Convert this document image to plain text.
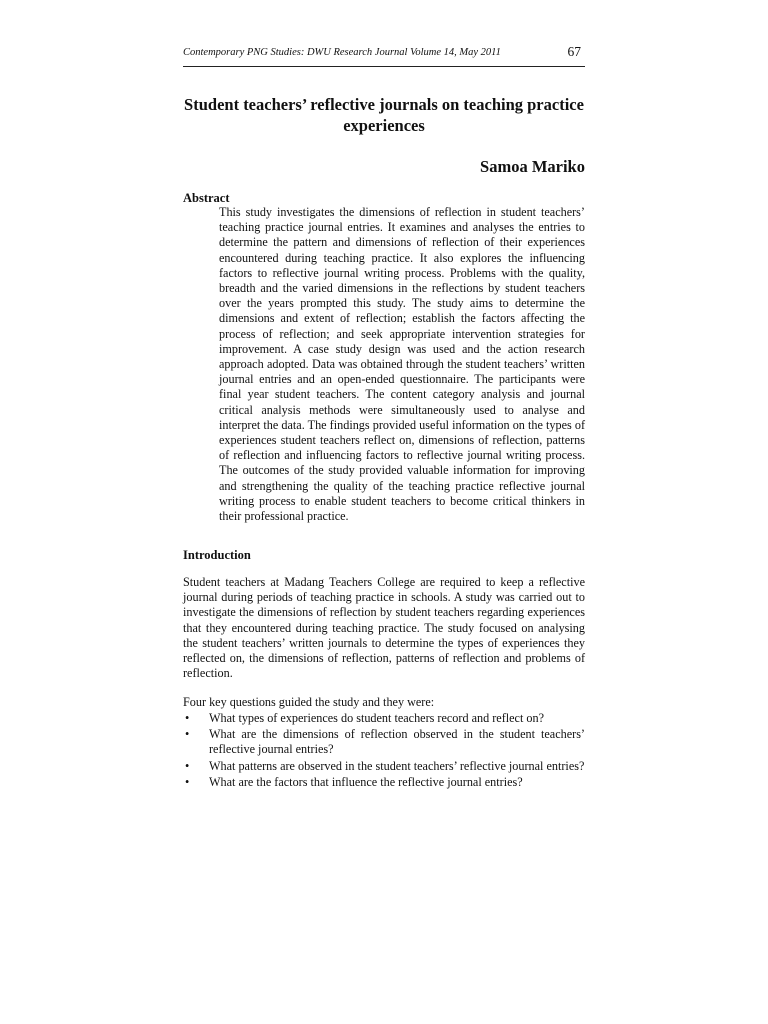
Contemporary PNG Studies: DWU Research Journal Volume 14, May 2011	67
Student teachers’ reflective journals on teaching practice experiences
Samoa Mariko
Abstract

This study investigates the dimensions of reflection in student teachers’ teaching practice journal entries. It examines and analyses the entries to determine the pattern and dimensions of reflection of their experiences encountered during teaching practice. It also explores the influencing factors to reflective journal writing process. Problems with the quality, breadth and the varied dimensions in the reflections by student teachers over the years prompted this study. The study aims to determine the dimensions and extent of reflection; establish the factors affecting the process of reflection; and seek appropriate intervention strategies for improvement. A case study design was used and the action research approach adopted. Data was obtained through the student teachers’ written journal entries and an open-ended questionnaire. The participants were final year student teachers. The content category analysis and journal critical analysis methods were simultaneously used to analyse and interpret the data. The findings provided useful information on the types of experiences student teachers reflect on, dimensions of reflection, patterns of reflection and influencing factors to reflective journal writing process. The outcomes of the study provided valuable information for improving and strengthening the quality of the teaching practice reflective journal writing process to enable student teachers to become critical thinkers in their professional practice.

Introduction

Student teachers at Madang Teachers College are required to keep a reflective journal during periods of teaching practice in schools. A study was carried out to investigate the dimensions of reflection by student teachers regarding experiences that they encountered during teaching practice. The study focused on analysing the student teachers’ written journals to determine the types of experiences they reflected on, the dimensions of reflection, patterns of reflection and problems of reflection.

Four key questions guided the study and they were:

• What types of experiences do student teachers record and reflect on?
• What are the dimensions of reflection observed in the student teachers’ reflective journal entries?
• What patterns are observed in the student teachers’ reflective journal entries?
• What are the factors that influence the reflective journal entries?
